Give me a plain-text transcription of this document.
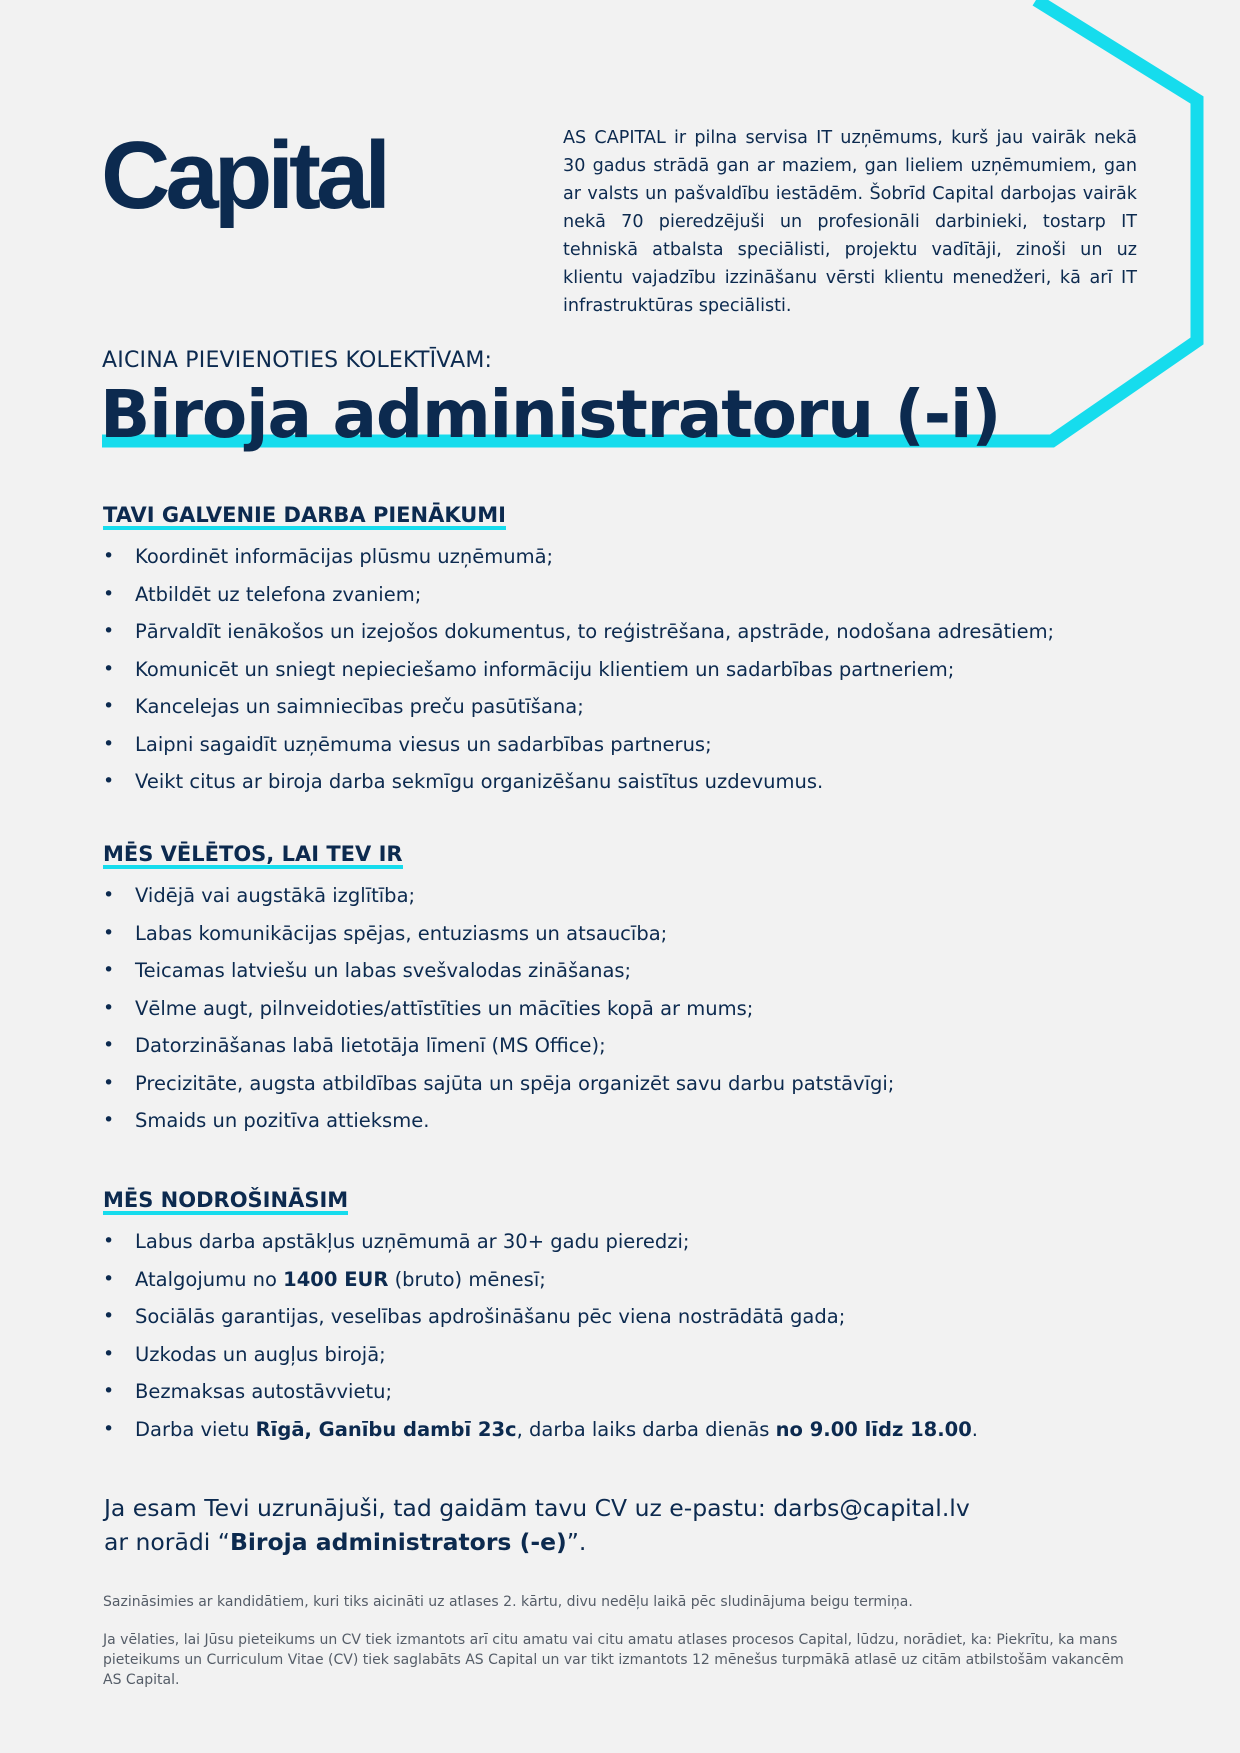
Capital	AS CAPITAL ir pilna servisa IT uzņēmums, kurš jau vairāk nekā 30 gadus strādā gan ar maziem, gan lieliem uzņēmumiem, gan ar valsts un pašvaldību iestādēm. Šobrīd Capital darbojas vairāk nekā 70 pieredzējuši un profesionāli darbinieki, tostarp IT tehniskā atbalsta speciālisti, projektu vadītāji, zinoši un uz klientu vajadzību izzināšanu vērsti klientu menedžeri, kā arī IT infrastruktūras speciālisti.

AICINA PIEVIENOTIES KOLEKTĪVAM:
Biroja administratoru (-i)
TAVI GALVENIE DARBA PIENĀKUMI
• Koordinēt informācijas plūsmu uzņēmumā;
• Atbildēt uz telefona zvaniem;
• Pārvaldīt ienākošos un izejošos dokumentus, to reģistrēšana, apstrāde, nodošana adresātiem;
• Komunicēt un sniegt nepieciešamo informāciju klientiem un sadarbības partneriem;
• Kancelejas un saimniecības preču pasūtīšana;
• Laipni sagaidīt uzņēmuma viesus un sadarbības partnerus;
• Veikt citus ar biroja darba sekmīgu organizēšanu saistītus uzdevumus.
MĒS VĒLĒTOS, LAI TEV IR
• Vidējā vai augstākā izglītība;
• Labas komunikācijas spējas, entuziasms un atsaucība;
• Teicamas latviešu un labas svešvalodas zināšanas;
• Vēlme augt, pilnveidoties/attīstīties un mācīties kopā ar mums;
• Datorzināšanas labā lietotāja līmenī (MS Office);
• Precizitāte, augsta atbildības sajūta un spēja organizēt savu darbu patstāvīgi;
• Smaids un pozitīva attieksme.
MĒS NODROŠINĀSIM
• Labus darba apstākļus uzņēmumā ar 30+ gadu pieredzi;
• Atalgojumu no 1400 EUR (bruto) mēnesī;
• Sociālās garantijas, veselības apdrošināšanu pēc viena nostrādātā gada;
• Uzkodas un augļus birojā;
• Bezmaksas autostāvvietu;
• Darba vietu Rīgā, Ganību dambī 23c, darba laiks darba dienās no 9.00 līdz 18.00.

Ja esam Tevi uzrunājuši, tad gaidām tavu CV uz e-pastu: darbs@capital.lv
ar norādi “Biroja administrators (-e)”.

Sazināsimies ar kandidātiem, kuri tiks aicināti uz atlases 2. kārtu, divu nedēļu laikā pēc sludinājuma beigu termiņa.

Ja vēlaties, lai Jūsu pieteikums un CV tiek izmantots arī citu amatu vai citu amatu atlases procesos Capital, lūdzu, norādiet, ka: Piekrītu, ka mans pieteikums un Curriculum Vitae (CV) tiek saglabāts AS Capital un var tikt izmantots 12 mēnešus turpmākā atlasē uz citām atbilstošām vakancēm AS Capital.
